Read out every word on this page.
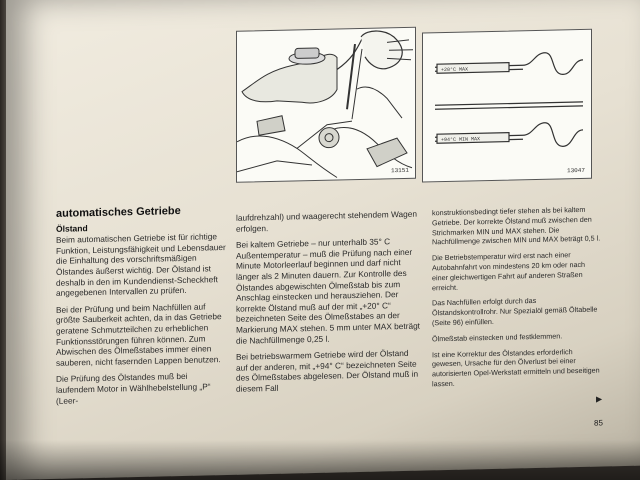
13151
+20°C MAX
+94°C MIN MAX
13047
automatisches Getriebe
Ölstand

Beim automatischen Getriebe ist für richtige Funktion, Leistungsfähigkeit und Lebensdauer die Einhaltung des vorschriftsmäßigen Ölstandes äußerst wichtig. Der Ölstand ist deshalb in den im Kundendienst-Scheckheft angegebenen Intervallen zu prüfen.

Bei der Prüfung und beim Nachfüllen auf größte Sauberkeit achten, da in das Getriebe geratene Schmutzteilchen zu erheblichen Funktionsstörungen führen können. Zum Abwischen des Ölmeßstabes immer einen sauberen, nicht fasernden Lappen benutzen.

Die Prüfung des Ölstandes muß bei laufendem Motor in Wählhebelstellung „P“ (Leer-

laufdrehzahl) und waagerecht stehendem Wagen erfolgen.

Bei kaltem Getriebe – nur unterhalb 35° C Außentemperatur – muß die Prüfung nach einer Minute Motorleerlauf beginnen und darf nicht länger als 2 Minuten dauern. Zur Kontrolle des Ölstandes abgewischten Ölmeßstab bis zum Anschlag einstecken und herausziehen. Der korrekte Ölstand muß auf der mit „+20° C“ bezeichneten Seite des Ölmeßstabes an der Markierung MAX stehen. 5 mm unter MAX beträgt die Nachfüllmenge 0,25 l.

Bei betriebswarmem Getriebe wird der Ölstand auf der anderen, mit „+94° C“ bezeichneten Seite des Ölmeßstabes abgelesen. Der Ölstand muß in diesem Fall

konstruktionsbedingt tiefer stehen als bei kaltem Getriebe. Der korrekte Ölstand muß zwischen den Strichmarken MIN und MAX stehen. Die Nachfüllmenge zwischen MIN und MAX beträgt 0,5 l.

Die Betriebstemperatur wird erst nach einer Autobahnfahrt von mindestens 20 km oder nach einer gleichwertigen Fahrt auf anderen Straßen erreicht.

Das Nachfüllen erfolgt durch das Ölstandskontrollrohr. Nur Spezialöl gemäß Öltabelle (Seite 96) einfüllen.

Ölmeßstab einstecken und festklemmen.

Ist eine Korrektur des Ölstandes erforderlich gewesen, Ursache für den Ölverlust bei einer autorisierten Opel-Werkstatt ermitteln und beseitigen lassen.

▶
85
